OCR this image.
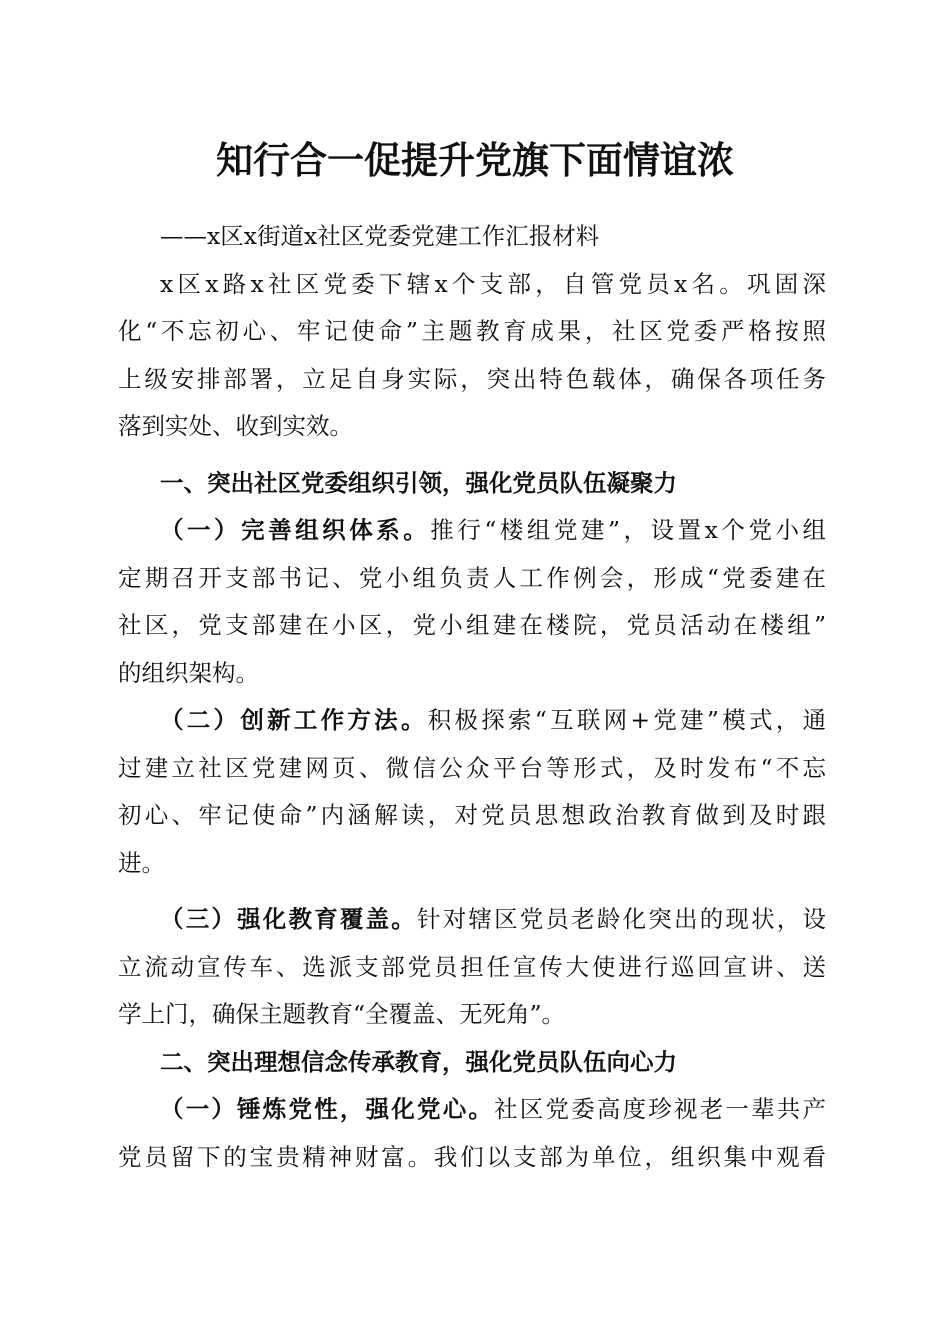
知行合一促提升党旗下面情谊浓
——x区x街道x社区党委党建工作汇报材料
x区x路x社区党委下辖x个支部，自管党员x名。巩固深
化“不忘初心、牢记使命”主题教育成果，社区党委严格按照
上级安排部署，立足自身实际，突出特色载体，确保各项任务
落到实处、收到实效。
一、突出社区党委组织引领，强化党员队伍凝聚力
（一）完善组织体系。推行“楼组党建”，设置x个党小组
定期召开支部书记、党小组负责人工作例会，形成“党委建在
社区，党支部建在小区，党小组建在楼院，党员活动在楼组”
的组织架构。
（二）创新工作方法。积极探索“互联网+党建”模式，通
过建立社区党建网页、微信公众平台等形式，及时发布“不忘
初心、牢记使命”内涵解读，对党员思想政治教育做到及时跟
进。
（三）强化教育覆盖。针对辖区党员老龄化突出的现状，设
立流动宣传车、选派支部党员担任宣传大使进行巡回宣讲、送
学上门，确保主题教育“全覆盖、无死角”。
二、突出理想信念传承教育，强化党员队伍向心力
（一）锤炼党性，强化党心。社区党委高度珍视老一辈共产
党员留下的宝贵精神财富。我们以支部为单位，组织集中观看
